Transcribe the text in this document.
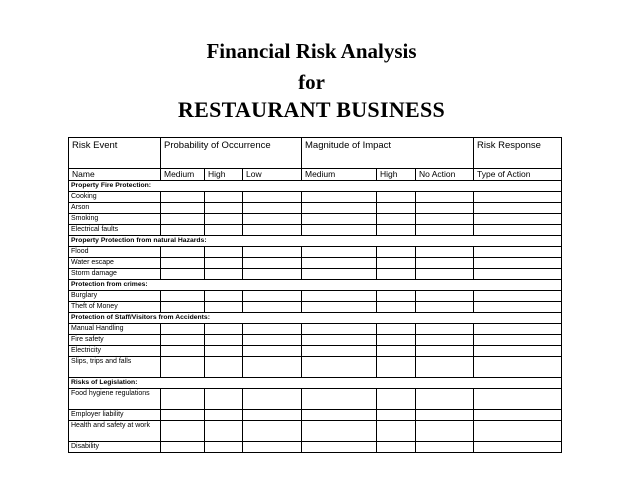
Financial Risk Analysis
for
RESTAURANT BUSINESS
Risk Event	Probability of Occurrence			Magnitude of Impact			Risk Response
Name	Medium	High	Low	Medium	High	No Action	Type of Action
Property Fire Protection:							
Cooking							
Arson							
Smoking							
Electrical faults							
Property Protection from natural Hazards:							
Flood							
Water escape							
Storm damage							
Protection from crimes:							
Burglary							
Theft of Money							
Protection of Staff/Visitors from Accidents:							
Manual Handling							
Fire safety							
Electricity							
Slips, trips and falls							
Risks of Legislation:							
Food hygiene regulations							
Employer liability							
Health and safety at work							
Disability							
